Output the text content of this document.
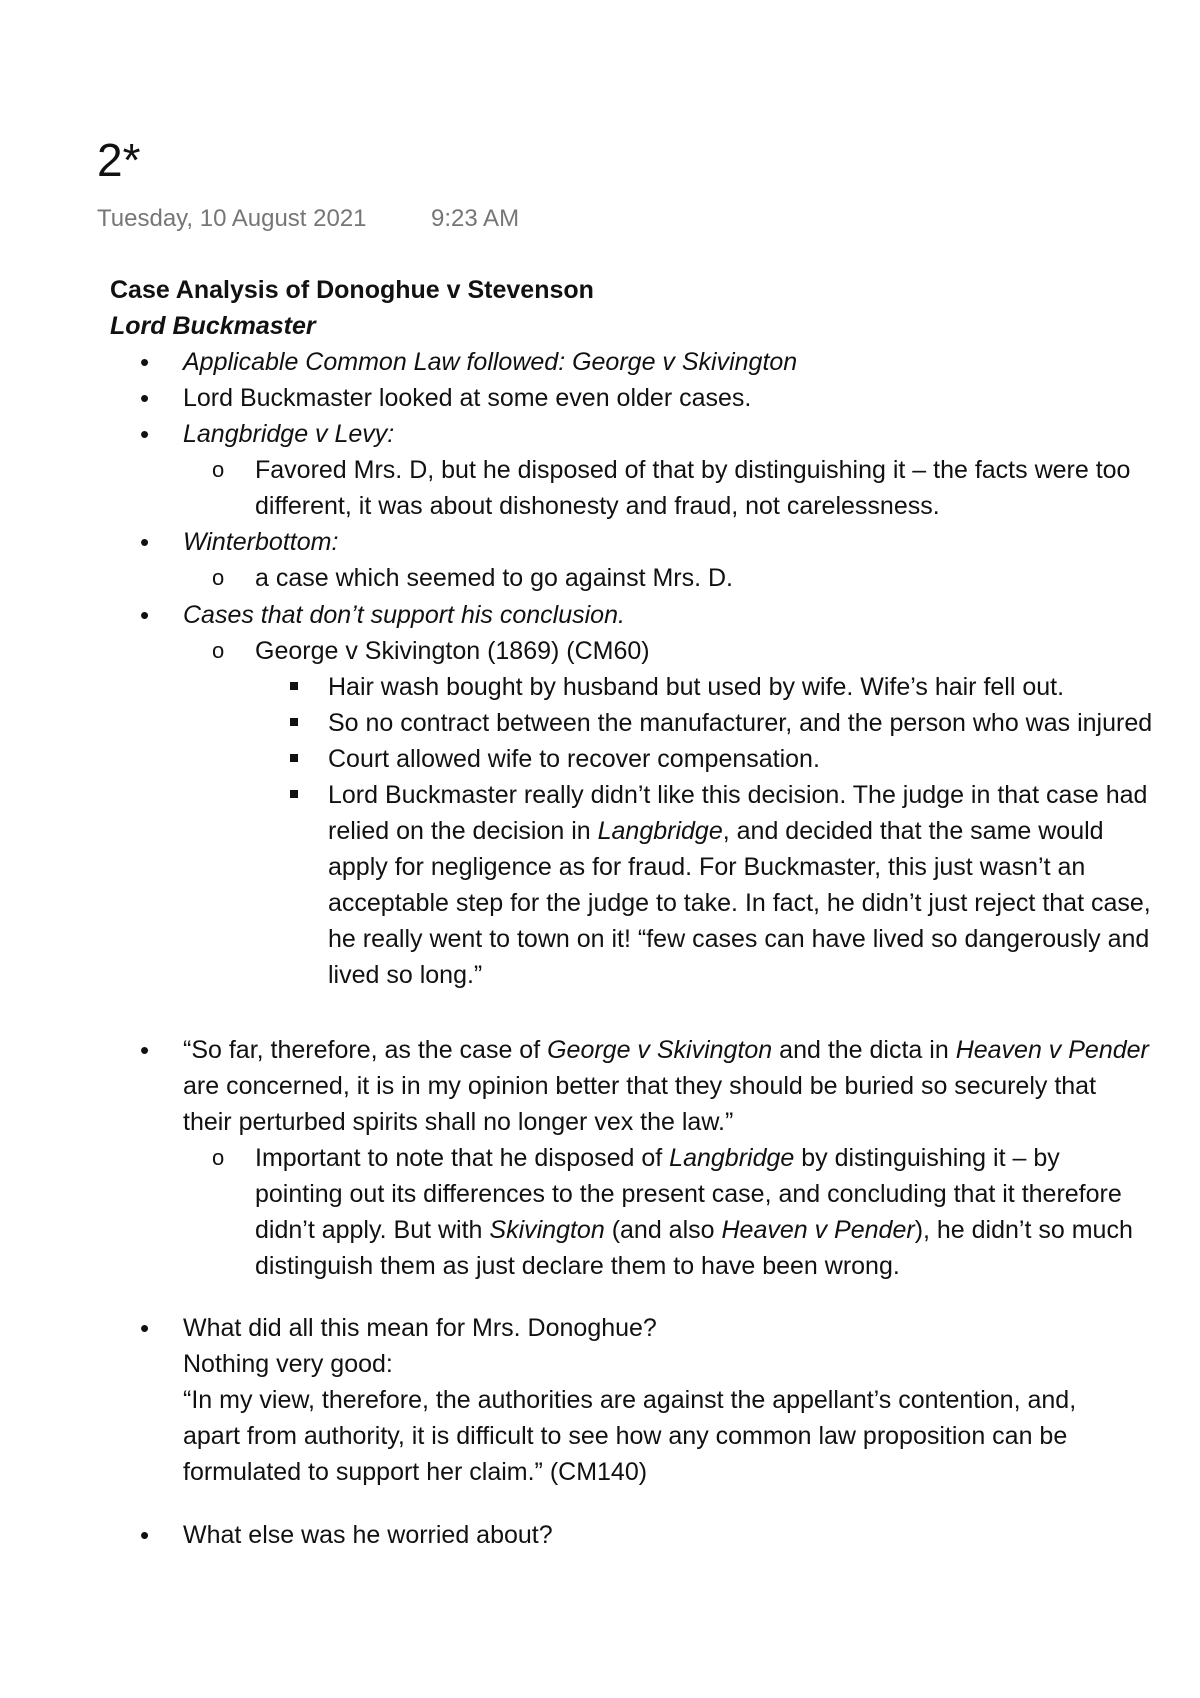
2*
Tuesday, 10 August 2021	9:23 AM
Case Analysis of Donoghue v Stevenson
Lord Buckmaster
•
Applicable Common Law followed: George v Skivington
•
Lord Buckmaster looked at some even older cases.
•
Langbridge v Levy:
o
Favored Mrs. D, but he disposed of that by distinguishing it – the facts were too
different, it was about dishonesty and fraud, not carelessness.
•
Winterbottom:
o
a case which seemed to go against Mrs. D.
•
Cases that don’t support his conclusion.
o
George v Skivington (1869) (CM60)
Hair wash bought by husband but used by wife. Wife’s hair fell out.
So no contract between the manufacturer, and the person who was injured
Court allowed wife to recover compensation.
Lord Buckmaster really didn’t like this decision. The judge in that case had
relied on the decision in Langbridge, and decided that the same would
apply for negligence as for fraud. For Buckmaster, this just wasn’t an
acceptable step for the judge to take. In fact, he didn’t just reject that case,
he really went to town on it! “few cases can have lived so dangerously and
lived so long.”
•
“So far, therefore, as the case of George v Skivington and the dicta in Heaven v Pender
are concerned, it is in my opinion better that they should be buried so securely that
their perturbed spirits shall no longer vex the law.”
o
Important to note that he disposed of Langbridge by distinguishing it – by
pointing out its differences to the present case, and concluding that it therefore
didn’t apply. But with Skivington (and also Heaven v Pender), he didn’t so much
distinguish them as just declare them to have been wrong.
•
What did all this mean for Mrs. Donoghue?
Nothing very good:
“In my view, therefore, the authorities are against the appellant’s contention, and,
apart from authority, it is difficult to see how any common law proposition can be
formulated to support her claim.” (CM140)
•
What else was he worried about?
